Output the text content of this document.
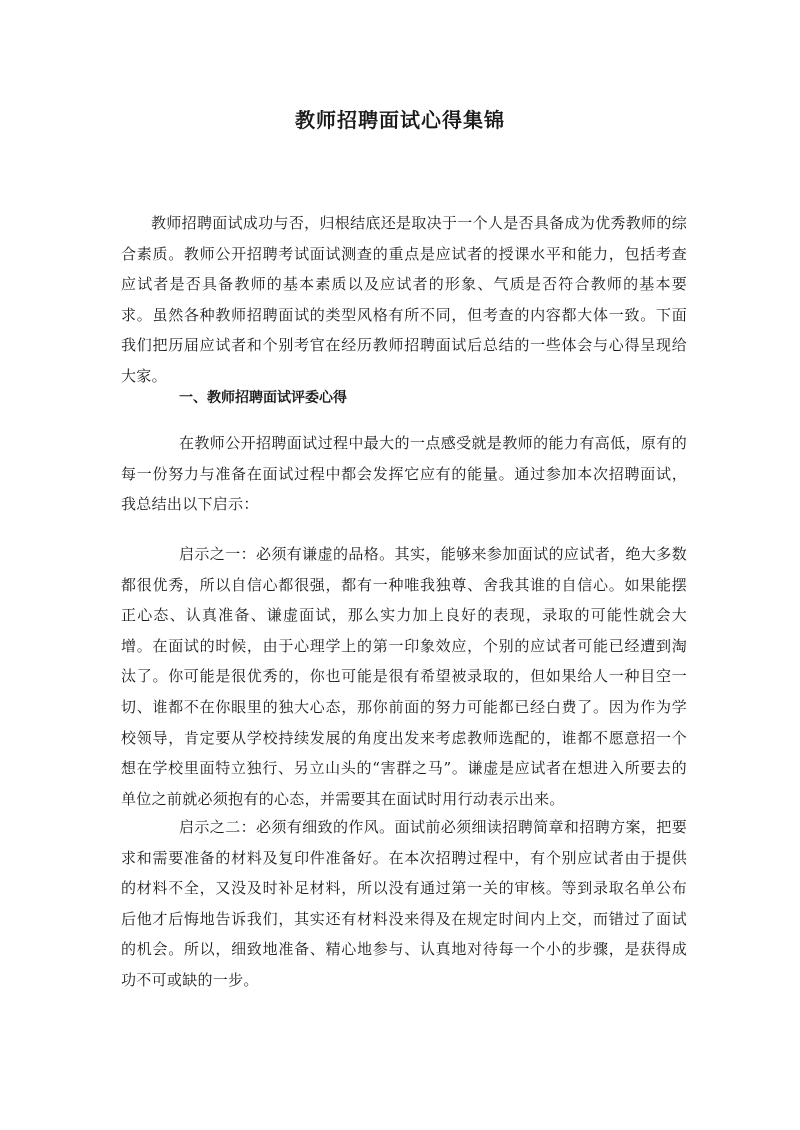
教师招聘面试心得集锦

教师招聘面试成功与否，归根结底还是取决于一个人是否具备成为优秀教师的综合素质。教师公开招聘考试面试测查的重点是应试者的授课水平和能力，包括考查应试者是否具备教师的基本素质以及应试者的形象、气质是否符合教师的基本要求。虽然各种教师招聘面试的类型风格有所不同，但考查的内容都大体一致。下面我们把历届应试者和个别考官在经历教师招聘面试后总结的一些体会与心得呈现给大家。

一、教师招聘面试评委心得

在教师公开招聘面试过程中最大的一点感受就是教师的能力有高低，原有的每一份努力与准备在面试过程中都会发挥它应有的能量。通过参加本次招聘面试，我总结出以下启示：

启示之一：必须有谦虚的品格。其实，能够来参加面试的应试者，绝大多数都很优秀，所以自信心都很强，都有一种唯我独尊、舍我其谁的自信心。如果能摆正心态、认真准备、谦虚面试，那么实力加上良好的表现，录取的可能性就会大增。在面试的时候，由于心理学上的第一印象效应，个别的应试者可能已经遭到淘汰了。你可能是很优秀的，你也可能是很有希望被录取的，但如果给人一种目空一切、谁都不在你眼里的独大心态，那你前面的努力可能都已经白费了。因为作为学校领导，肯定要从学校持续发展的角度出发来考虑教师选配的，谁都不愿意招一个想在学校里面特立独行、另立山头的“害群之马”。谦虚是应试者在想进入所要去的单位之前就必须抱有的心态，并需要其在面试时用行动表示出来。

启示之二：必须有细致的作风。面试前必须细读招聘简章和招聘方案，把要求和需要准备的材料及复印件准备好。在本次招聘过程中，有个别应试者由于提供的材料不全，又没及时补足材料，所以没有通过第一关的审核。等到录取名单公布后他才后悔地告诉我们，其实还有材料没来得及在规定时间内上交，而错过了面试的机会。所以，细致地准备、精心地参与、认真地对待每一个小的步骤，是获得成功不可或缺的一步。
